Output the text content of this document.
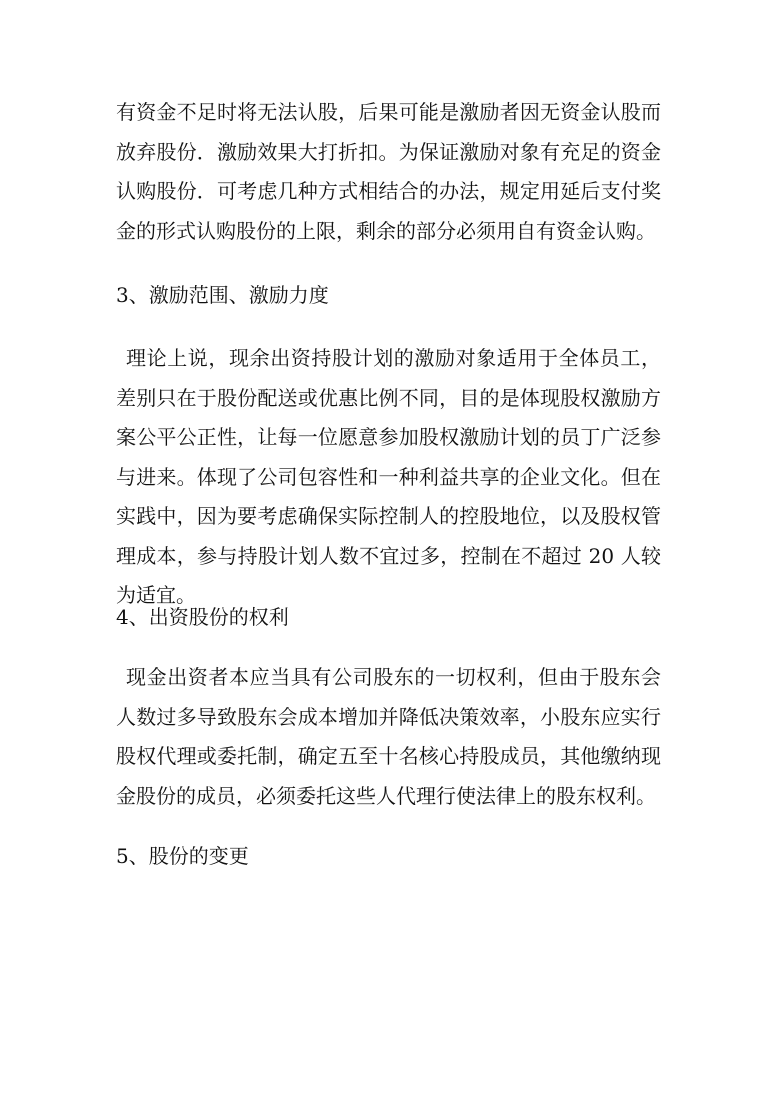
有资金不足时将无法认股，后果可能是激励者因无资金认股而放弃股份．激励效果大打折扣。为保证激励对象有充足的资金认购股份．可考虑几种方式相结合的办法，规定用延后支付奖金的形式认购股份的上限，剩余的部分必须用自有资金认购。

3、激励范围、激励力度

理论上说，现余出资持股计划的激励对象适用于全体员工，差别只在于股份配送或优惠比例不同，目的是体现股权激励方案公平公正性，让每一位愿意参加股权激励计划的员丁广泛参与进来。体现了公司包容性和一种利益共享的企业文化。但在实践中，因为要考虑确保实际控制人的控股地位，以及股权管理成本，参与持股计划人数不宜过多，控制在不超过 20 人较为适宜。

4、出资股份的权利

现金出资者本应当具有公司股东的一切权利，但由于股东会人数过多导致股东会成本增加并降低决策效率，小股东应实行股权代理或委托制，确定五至十名核心持股成员，其他缴纳现金股份的成员，必须委托这些人代理行使法律上的股东权利。

5、股份的变更
